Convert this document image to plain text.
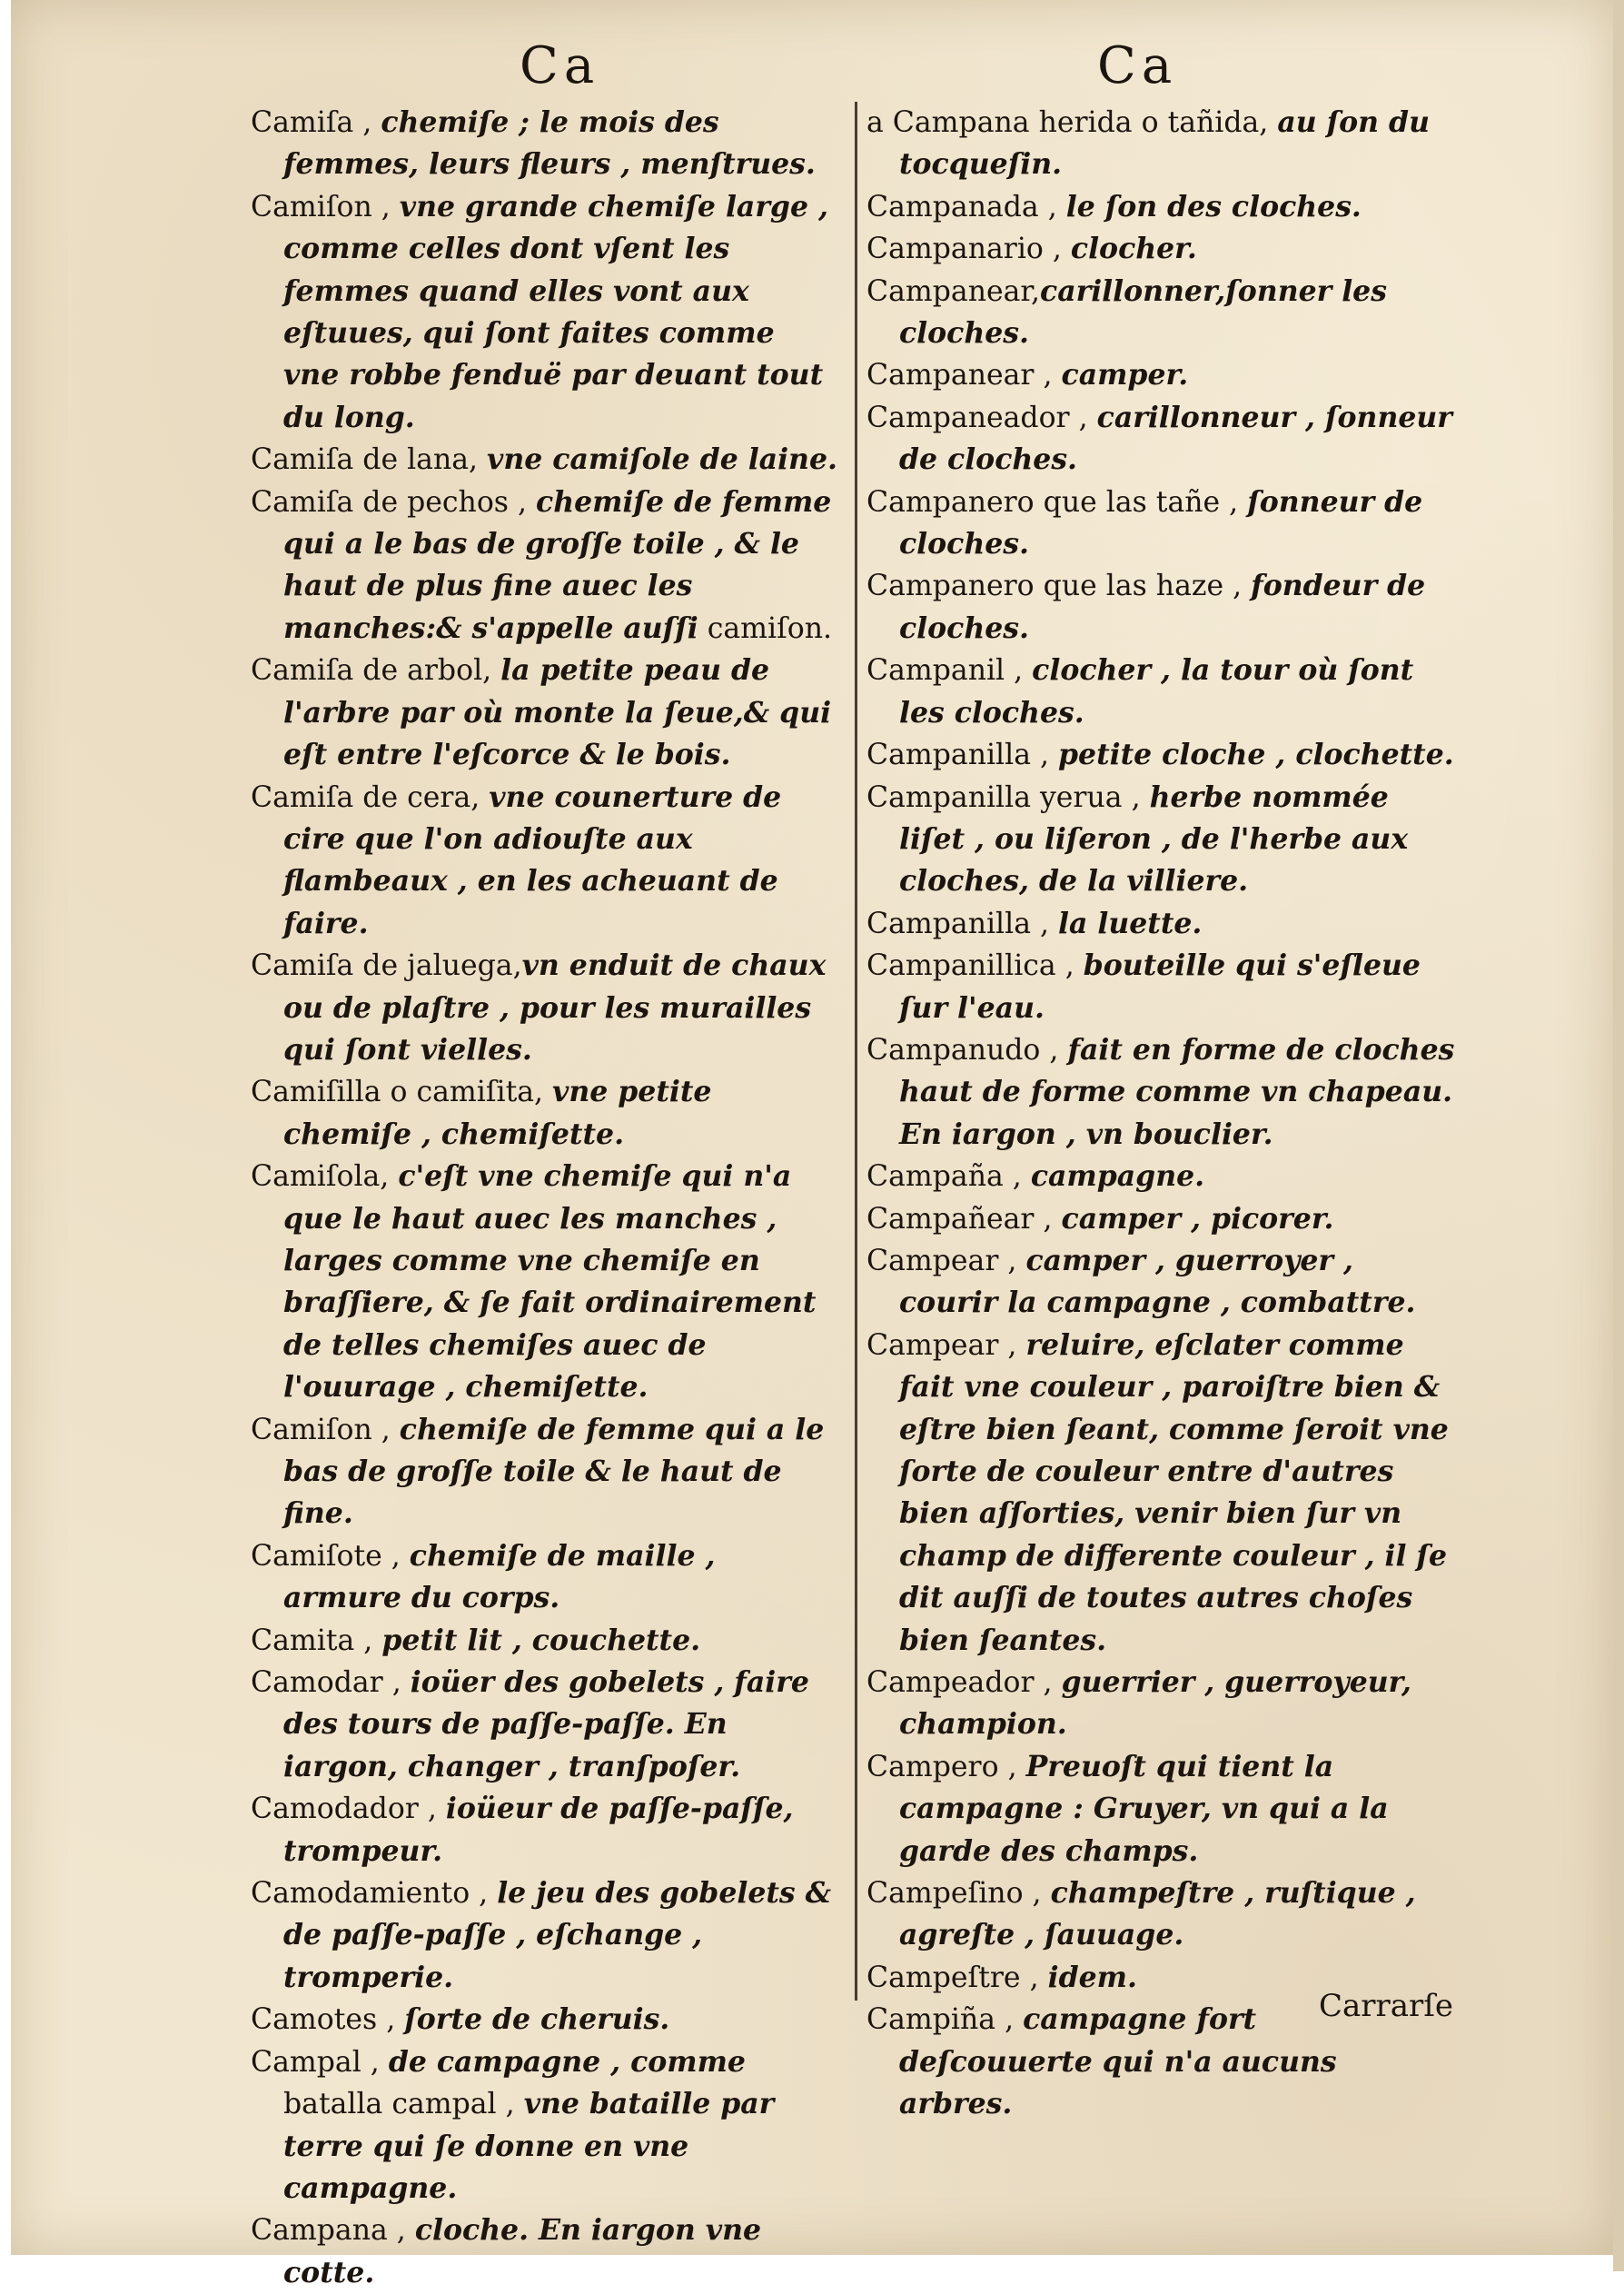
Ca	Ca

Camiſa , chemiſe ; le mois des femmes, leurs fleurs , menſtrues.

Camiſon , vne grande chemiſe large , comme celles dont vſent les femmes quand elles vont aux eſtuues, qui ſont faites comme vne robbe fenduë par deuant tout du long.

Camiſa de lana, vne camiſole de laine.

Camiſa de pechos , chemiſe de femme qui a le bas de groſſe toile , & le haut de plus fine auec les manches:& s'appelle auſſi camiſon.

Camiſa de arbol, la petite peau de l'arbre par où monte la ſeue,& qui eſt entre l'eſcorce & le bois.

Camiſa de cera, vne counerture de cire que l'on adiouſte aux flambeaux , en les acheuant de faire.

Camiſa de jaluega,vn enduit de chaux ou de plaſtre , pour les murailles qui ſont vielles.

Camiſilla o camiſita, vne petite chemiſe , chemiſette.

Camiſola, c'eſt vne chemiſe qui n'a que le haut auec les manches , larges comme vne chemiſe en braſſiere, & ſe fait ordinairement de telles chemiſes auec de l'ouurage , chemiſette.

Camiſon , chemiſe de femme qui a le bas de groſſe toile & le haut de fine.

Camiſote , chemiſe de maille , armure du corps.

Camita , petit lit , couchette.

Camodar , ioüer des gobelets , faire des tours de paſſe-paſſe. En iargon, changer , tranſpoſer.

Camodador , ioüeur de paſſe-paſſe, trompeur.

Camodamiento , le jeu des gobelets & de paſſe-paſſe , eſchange , tromperie.

Camotes , ſorte de cheruis.

Campal , de campagne , comme batalla campal , vne bataille par terre qui ſe donne en vne campagne.

Campana , cloche. En iargon vne cotte.

a Campana herida o tañida, au ſon du tocqueſin.

Campanada , le ſon des cloches.

Campanario , clocher.

Campanear,carillonner,ſonner les cloches.

Campanear , camper.

Campaneador , carillonneur , ſonneur de cloches.

Campanero que las tañe , ſonneur de cloches.

Campanero que las haze , fondeur de cloches.

Campanil , clocher , la tour où ſont les cloches.

Campanilla , petite cloche , clochette.

Campanilla yerua , herbe nommée liſet , ou liſeron , de l'herbe aux cloches, de la villiere.

Campanilla , la luette.

Campanillica , bouteille qui s'eſleue ſur l'eau.

Campanudo , fait en forme de cloches haut de forme comme vn chapeau. En iargon , vn bouclier.

Campaña , campagne.

Campañear , camper , picorer.

Campear , camper , guerroyer , courir la campagne , combattre.

Campear , reluire, eſclater comme fait vne couleur , paroiſtre bien & eſtre bien ſeant, comme ſeroit vne ſorte de couleur entre d'autres bien aſſorties, venir bien ſur vn champ de differente couleur , il ſe dit auſſi de toutes autres choſes bien ſeantes.

Campeador , guerrier , guerroyeur, champion.

Campero , Preuoſt qui tient la campagne : Gruyer, vn qui a la garde des champs.

Campeſino , champeſtre , ruſtique , agreſte , ſauuage.

Campeſtre , idem.

Campiña , campagne fort deſcouuerte qui n'a aucuns arbres.

Carrarſe
